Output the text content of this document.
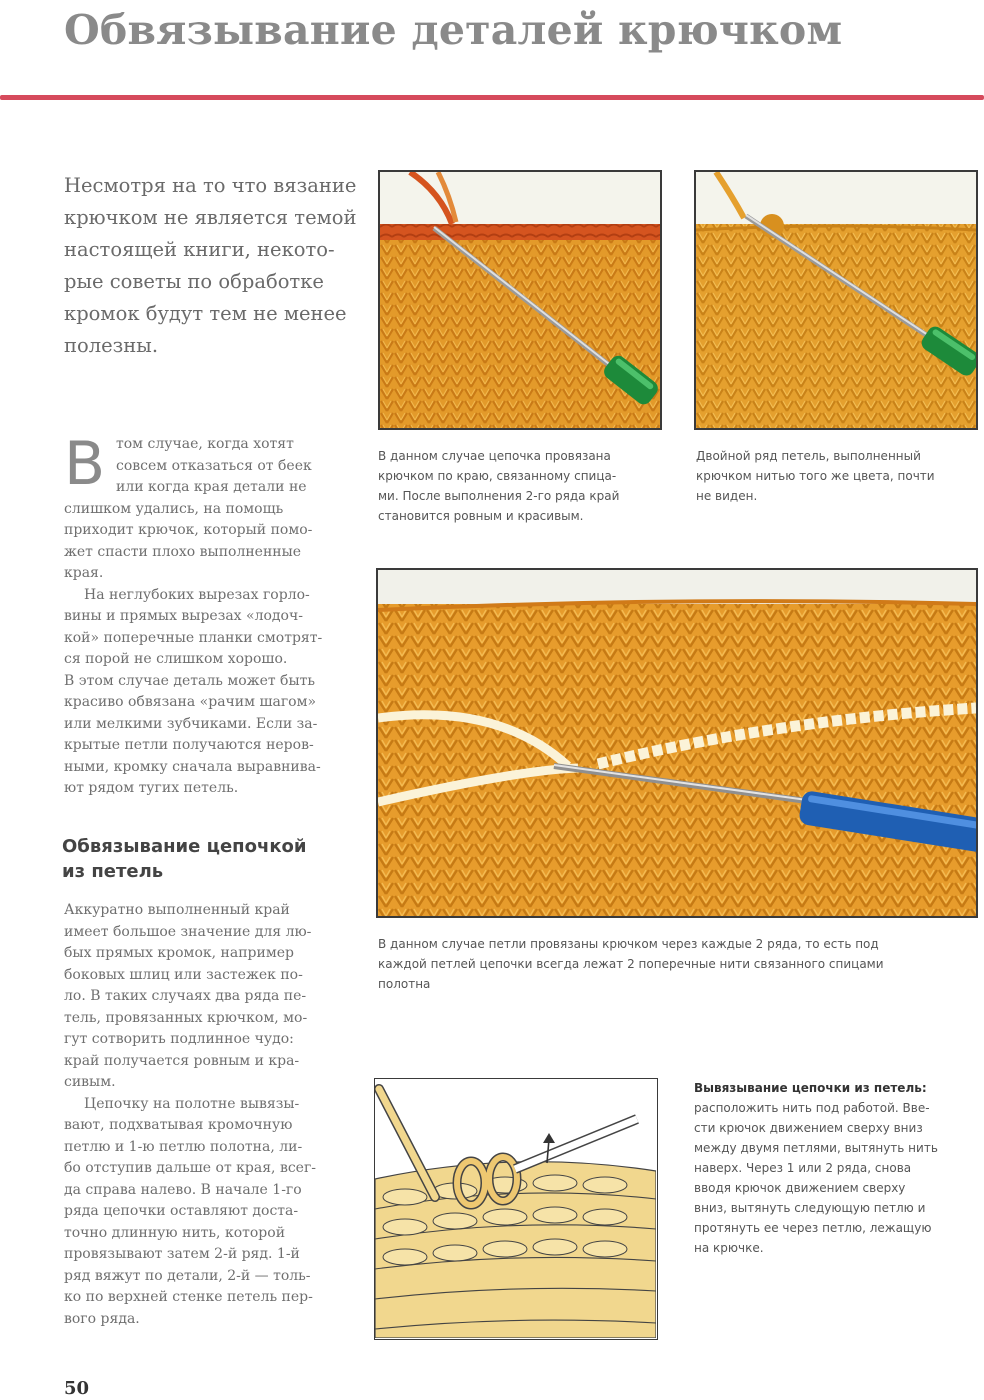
Обвязывание деталей крючком
Несмотря на то что вязание
крючком не является темой
настоящей книги, некото-
рые советы по обработке
кромок будут тем не менее
полезны.
В том случае, когда хотят
совсем отказаться от беек
или когда края детали не
слишком удались, на помощь
приходит крючок, который помо-
жет спасти плохо выполненные
края.
На неглубоких вырезах горло-
вины и прямых вырезах «лодоч-
кой» поперечные планки смотрят-
ся порой не слишком хорошо.
В этом случае деталь может быть
красиво обвязана «рачим шагом»
или мелкими зубчиками. Если за-
крытые петли получаются неров-
ными, кромку сначала выравнива-
ют рядом тугих петель.
Обвязывание цепочкой
из петель
Аккуратно выполненный край
имеет большое значение для лю-
бых прямых кромок, например
боковых шлиц или застежек по-
ло. В таких случаях два ряда пе-
тель, провязанных крючком, мо-
гут сотворить подлинное чудо:
край получается ровным и кра-
сивым.
Цепочку на полотне вывязы-
вают, подхватывая кромочную
петлю и 1-ю петлю полотна, ли-
бо отступив дальше от края, всег-
да справа налево. В начале 1-го
ряда цепочки оставляют доста-
точно длинную нить, которой
провязывают затем 2-й ряд. 1-й
ряд вяжут по детали, 2-й — толь-
ко по верхней стенке петель пер-
вого ряда.
В данном случае цепочка провязана
крючком по краю, связанному спица-
ми. После выполнения 2-го ряда край
становится ровным и красивым.
Двойной ряд петель, выполненный
крючком нитью того же цвета, почти
не виден.
В данном случае петли провязаны крючком через каждые 2 ряда, то есть под
каждой петлей цепочки всегда лежат 2 поперечные нити связанного спицами
полотна
Вывязывание цепочки из петель:
расположить нить под работой. Вве-
сти крючок движением сверху вниз
между двумя петлями, вытянуть нить
наверх. Через 1 или 2 ряда, снова
вводя крючок движением сверху
вниз, вытянуть следующую петлю и
протянуть ее через петлю, лежащую
на крючке.
50
